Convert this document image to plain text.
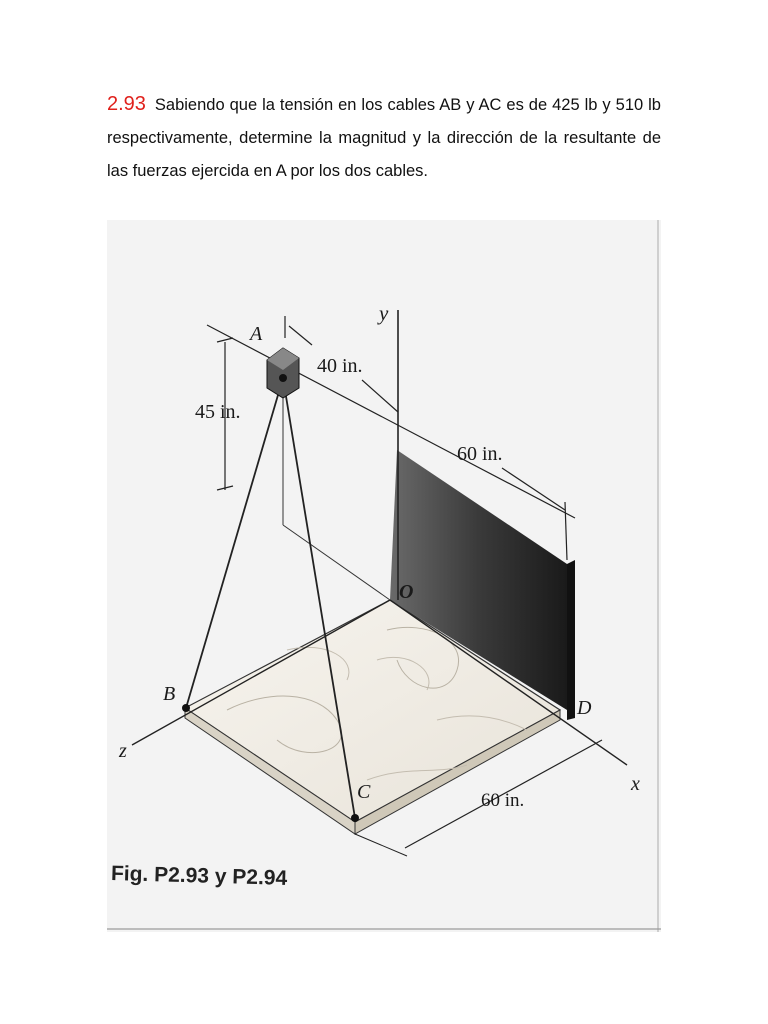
2.93 Sabiendo que la tensión en los cables AB y AC es de 425 lb y 510 lb respectivamente, determine la magnitud y la dirección de la resultante de las fuerzas ejercida en A por los dos cables.
A
B
C
D
O
y
z
x
45 in.
40 in.
60 in.
60 in.
Fig. P2.93 y P2.94
